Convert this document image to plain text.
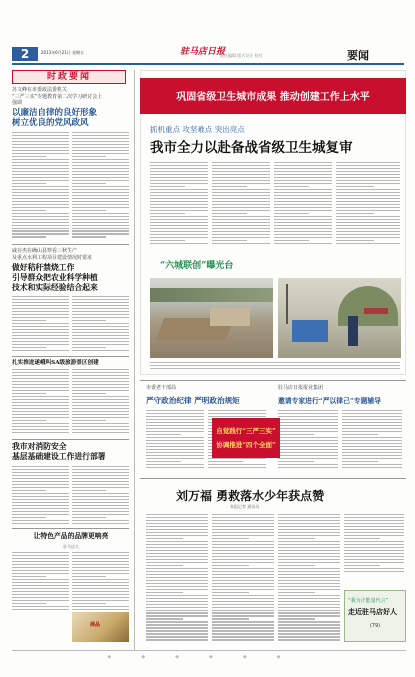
2	2013年6月21日 星期五
责任编辑 版式设计 校对
驻马店日报	要闻
时政要闻
苏文峰在市委政法委机关
“三严三实”专题教育第二次学习研讨会上
强调
以廉洁自律的良好形象
树立优良的党风政风
戚存杰在确山县察看三秋生产
及重点水利工程项目建设情况时要求
做好秸秆禁烧工作
引导群众把农业科学种植
技术和实际经验结合起来
扎实推进遂峨叫SA级旅游景区创建
我市对消防安全
基层基础建设工作进行部署
让特色产品的品牌更响亮
驻马店大
商品
巩固省级卫生城市成果 推动创建工作上水平
抓机重点 攻坚难点 突出亮点
我市全力以赴备战省级卫生城复审
“六城联创”曝光台
市委老干部局
严守政治纪律 严明政治规矩
驻马店日报报业集团
邀请专家进行“严以律己”专题辅导
自觉践行“三严三实”
协调推进“四个全面”
刘万福 勇救落水少年获点赞
本报记者 通讯员
“我为正能量代言”
走近驻马店好人
(79)
◆◆◆◆◆◆
